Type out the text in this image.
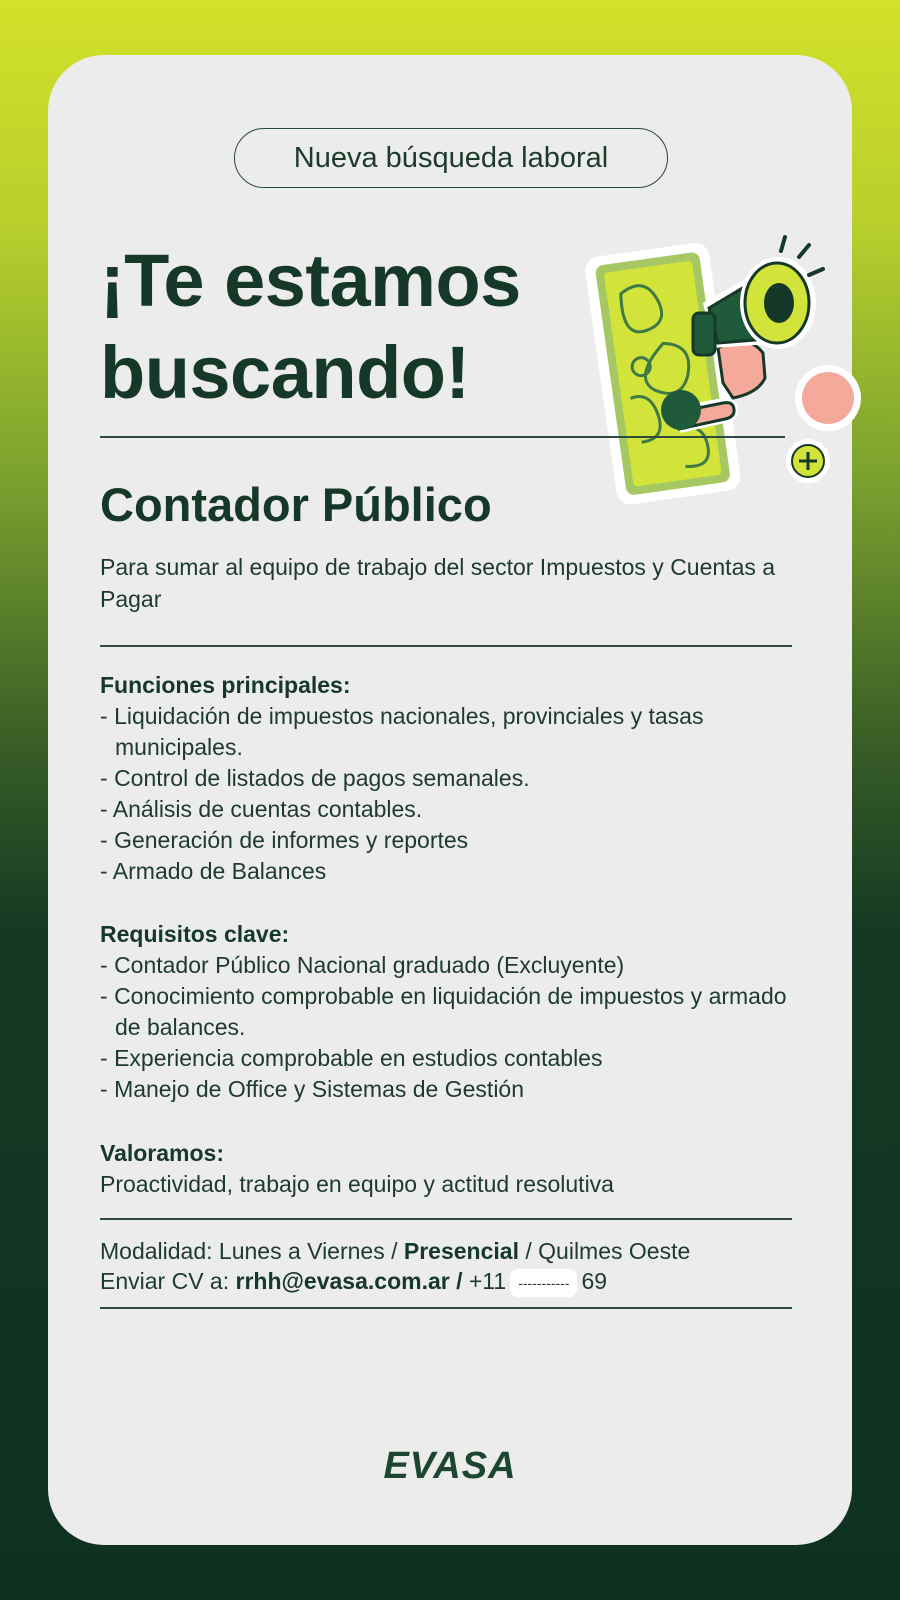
Nueva búsqueda laboral
¡Te estamos buscando!
Contador Público

Para sumar al equipo de trabajo del sector Impuestos y Cuentas a Pagar

Funciones principales:
- Liquidación de impuestos nacionales, provinciales y tasas municipales.
- Control de listados de pagos semanales.
- Análisis de cuentas contables.
- Generación de informes y reportes
- Armado de Balances
Requisitos clave:
- Contador Público Nacional graduado (Excluyente)
- Conocimiento comprobable en liquidación de impuestos y armado de balances.
- Experiencia comprobable en estudios contables
- Manejo de Office y Sistemas de Gestión
Valoramos:

Proactividad, trabajo en equipo y actitud resolutiva

Modalidad: Lunes a Viernes / Presencial / Quilmes Oeste
Enviar CV a: rrhh@evasa.com.ar / +11 ----------- 69
EVASA
